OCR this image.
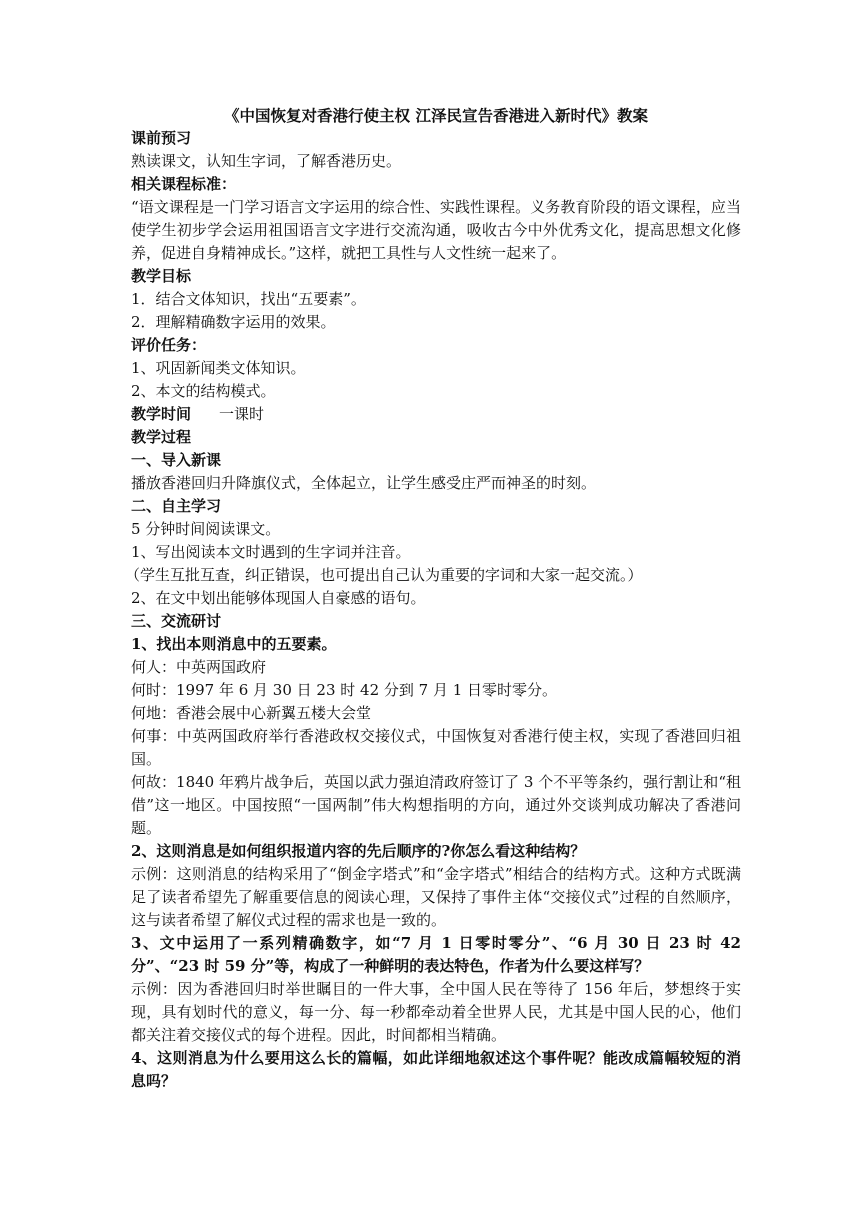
《中国恢复对香港行使主权 江泽民宣告香港进入新时代》教案

课前预习

熟读课文，认知生字词，了解香港历史。

相关课程标准：

“语文课程是一门学习语言文字运用的综合性、实践性课程。义务教育阶段的语文课程，应当使学生初步学会运用祖国语言文字进行交流沟通，吸收古今中外优秀文化，提高思想文化修养，促进自身精神成长。”这样，就把工具性与人文性统一起来了。

教学目标

1．结合文体知识，找出“五要素”。

2．理解精确数字运用的效果。

评价任务：

1、巩固新闻类文体知识。

2、本文的结构模式。

教学时间 一课时

教学过程

一、导入新课

播放香港回归升降旗仪式，全体起立，让学生感受庄严而神圣的时刻。

二、自主学习

5 分钟时间阅读课文。

1、写出阅读本文时遇到的生字词并注音。

（学生互批互查，纠正错误，也可提出自己认为重要的字词和大家一起交流。）

2、在文中划出能够体现国人自豪感的语句。

三、交流研讨

1、找出本则消息中的五要素。

何人：中英两国政府

何时：1997 年 6 月 30 日 23 时 42 分到 7 月 1 日零时零分。

何地：香港会展中心新翼五楼大会堂

何事：中英两国政府举行香港政权交接仪式，中国恢复对香港行使主权，实现了香港回归祖国。

何故：1840 年鸦片战争后，英国以武力强迫清政府签订了 3 个不平等条约，强行割让和“租借”这一地区。中国按照“一国两制”伟大构想指明的方向，通过外交谈判成功解决了香港问题。

2、这则消息是如何组织报道内容的先后顺序的?你怎么看这种结构？

示例：这则消息的结构采用了“倒金字塔式”和“金字塔式”相结合的结构方式。这种方式既满足了读者希望先了解重要信息的阅读心理，又保持了事件主体“交接仪式”过程的自然顺序，这与读者希望了解仪式过程的需求也是一致的。

3、文中运用了一系列精确数字，如“7 月 1 日零时零分”、“6 月 30 日 23 时 42 分”、“23 时 59 分”等，构成了一种鲜明的表达特色，作者为什么要这样写？

示例：因为香港回归时举世瞩目的一件大事，全中国人民在等待了 156 年后，梦想终于实现，具有划时代的意义，每一分、每一秒都牵动着全世界人民，尤其是中国人民的心，他们都关注着交接仪式的每个进程。因此，时间都相当精确。

4、这则消息为什么要用这么长的篇幅，如此详细地叙述这个事件呢？能改成篇幅较短的消息吗？
